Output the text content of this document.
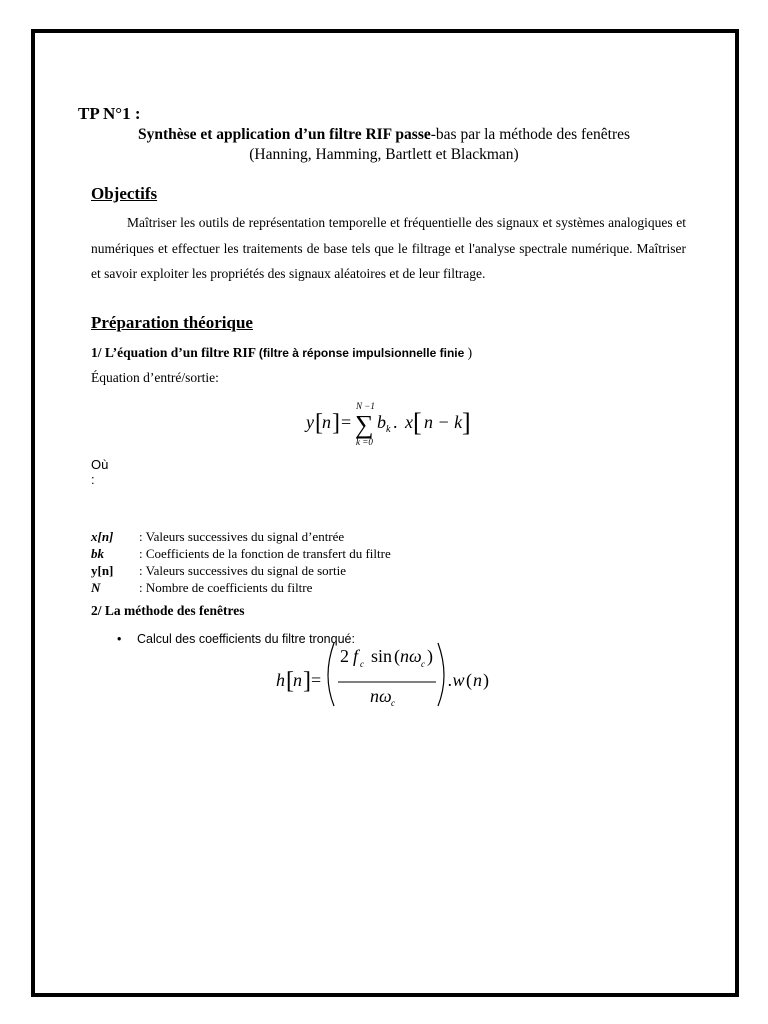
TP N°1 :
Synthèse et application d’un filtre RIF passe-bas par la méthode des fenêtres
(Hanning, Hamming, Bartlett et Blackman)
Objectifs
Maîtriser les outils de représentation temporelle et fréquentielle des signaux et systèmes analogiques et numériques et effectuer les traitements de base tels que le filtrage et l'analyse spectrale numérique. Maîtriser et savoir exploiter les propriétés des signaux aléatoires et de leur filtrage.
Préparation théorique
1/ L’équation d’un filtre RIF (filtre à réponse impulsionnelle finie )
Équation d’entré/sortie:
y [ n ] =
N −1
∑
k =0
b k . x [ n − k ]
Où
:
x[n] : Valeurs successives du signal d’entrée
bk	: Coefficients de la fonction de transfert du filtre
y[n] : Valeurs successives du signal de sortie
N	: Nombre de coefficients du filtre
2/ La méthode des fenêtres
• Calcul des coefficients du filtre tronqué:
h [ n ] =
2 f c sin ( n ω c )
n ω c
.w ( n )
